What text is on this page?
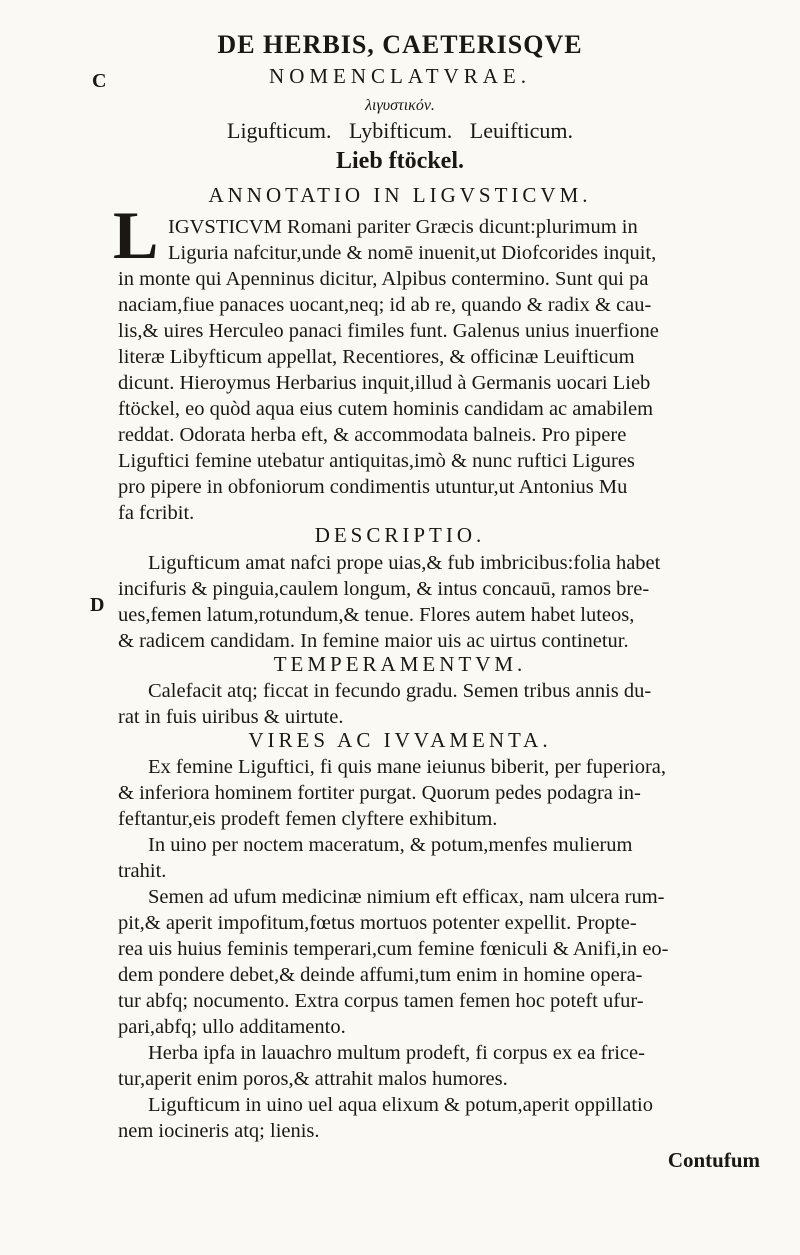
DE HERBIS, CAETERISQVE
C
D
NOMENCLATVRAE.
λιγυστικόν.
Ligufticum. Lybifticum. Leuifticum.
Lieb ftöckel.
ANNOTATIO IN LIGVSTICVM.
L IGVSTICVM Romani pariter Græcis dicunt:plurimum in
Liguria nafcitur,unde & nomē inuenit,ut Diofcorides inquit,
in monte qui Apenninus dicitur, Alpibus contermino. Sunt qui pa
naciam,fiue panaces uocant,neq; id ab re, quando & radix & cau-
lis,& uires Herculeo panaci fimiles funt. Galenus unius inuerfione
literæ Libyfticum appellat, Recentiores, & officinæ Leuifticum
dicunt. Hieroymus Herbarius inquit,illud à Germanis uocari Lieb
ftöckel, eo quòd aqua eius cutem hominis candidam ac amabilem
reddat. Odorata herba eft, & accommodata balneis. Pro pipere
Liguftici femine utebatur antiquitas,imò & nunc ruftici Ligures
pro pipere in obfoniorum condimentis utuntur,ut Antonius Mu
fa fcribit.
DESCRIPTIO.
Ligufticum amat nafci prope uias,& fub imbricibus:folia habet
incifuris & pinguia,caulem longum, & intus concauū, ramos bre-
ues,femen latum,rotundum,& tenue. Flores autem habet luteos,
& radicem candidam. In femine maior uis ac uirtus continetur.
TEMPERAMENTVM.
Calefacit atq; ficcat in fecundo gradu. Semen tribus annis du-
rat in fuis uiribus & uirtute.
VIRES AC IVVAMENTA.
Ex femine Liguftici, fi quis mane ieiunus biberit, per fuperiora,
& inferiora hominem fortiter purgat. Quorum pedes podagra in-
feftantur,eis prodeft femen clyftere exhibitum.
In uino per noctem maceratum, & potum,menfes mulierum
trahit.
Semen ad ufum medicinæ nimium eft efficax, nam ulcera rum-
pit,& aperit impofitum,fœtus mortuos potenter expellit. Propte-
rea uis huius feminis temperari,cum femine fœniculi & Anifi,in eo-
dem pondere debet,& deinde affumi,tum enim in homine opera-
tur abfq; nocumento. Extra corpus tamen femen hoc poteft ufur-
pari,abfq; ullo additamento.
Herba ipfa in lauachro multum prodeft, fi corpus ex ea frice-
tur,aperit enim poros,& attrahit malos humores.
Ligufticum in uino uel aqua elixum & potum,aperit oppillatio
nem iocineris atq; lienis.
Contufum
